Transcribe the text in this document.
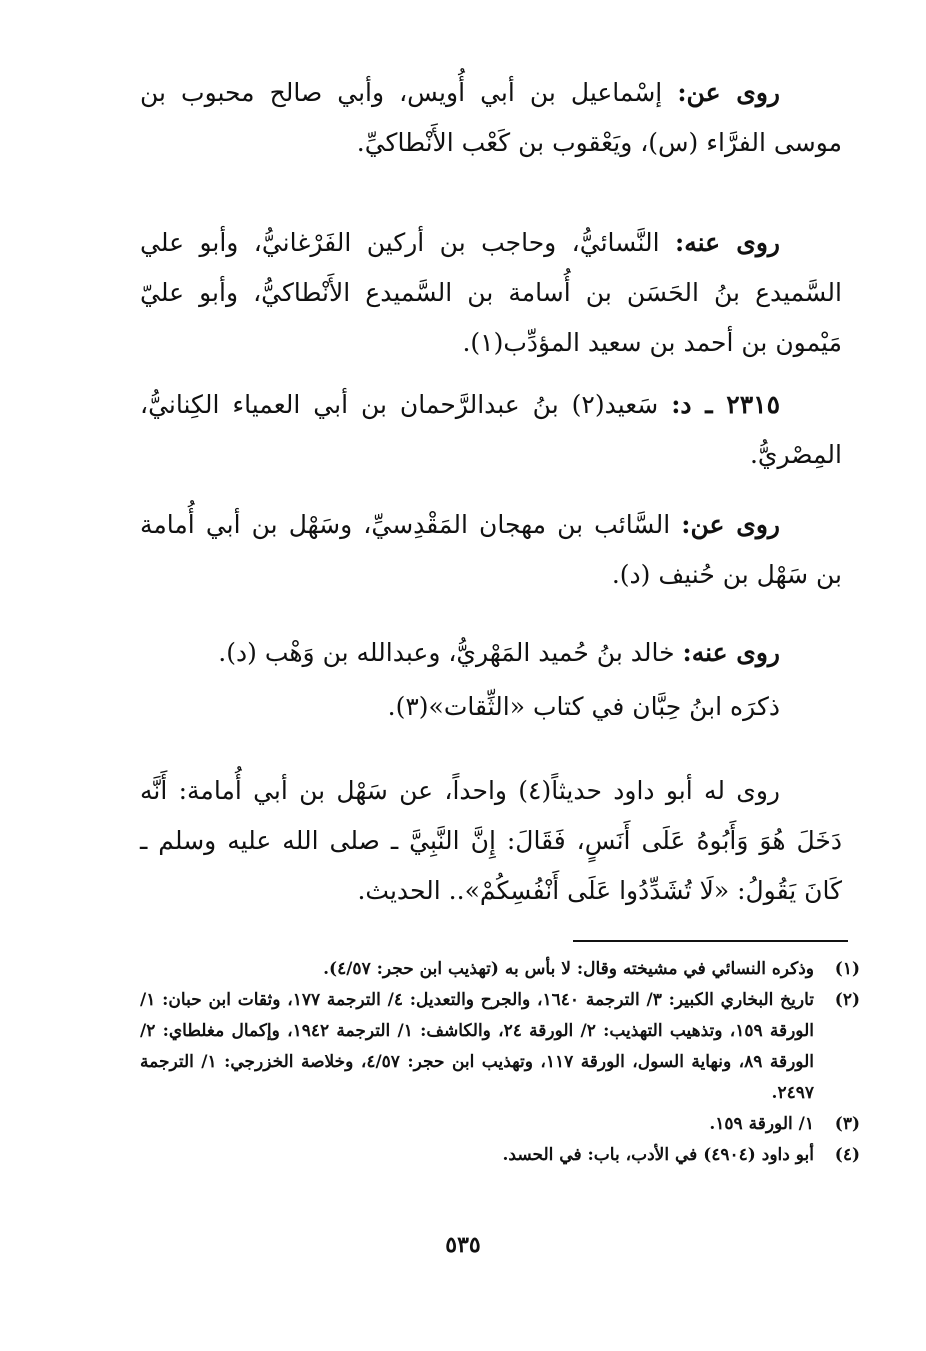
روى عن: إسْماعيل بن أبي أُويس، وأبي صالح محبوب بن موسى الفرَّاء (س)، ويَعْقوب بن كَعْب الأَنْطاكيِّ.

روى عنه: النَّسائيُّ، وحاجب بن أركين الفَرْغانيُّ، وأبو علي السَّميدع بنُ الحَسَن بن أُسامة بن السَّميدع الأَنْطاكيُّ، وأبو عليّ مَيْمون بن أحمد بن سعيد المؤدِّب(١).

٢٣١٥ ـ د: سَعيد(٢) بنُ عبدالرَّحمان بن أبي العمياء الكِنانيُّ، المِصْريُّ.

روى عن: السَّائب بن مهجان المَقْدِسيِّ، وسَهْل بن أبي أُمامة بن سَهْل بن حُنيف (د).

روى عنه: خالد بنُ حُميد المَهْريُّ، وعبدالله بن وَهْب (د).

ذكرَه ابنُ حِبَّان في كتاب «الثِّقات»(٣).

روى له أبو داود حديثاً(٤) واحداً، عن سَهْل بن أبي أُمامة: أَنَّه دَخَلَ هُوَ وَأَبُوهُ عَلَى أَنَسٍ، فَقَالَ: إِنَّ النَّبِيَّ ـ صلى الله عليه وسلم ـ كَانَ يَقُولُ: «لَا تُشَدِّدُوا عَلَى أَنْفُسِكُمْ».. الحديث.

(١)
وذكره النسائي في مشيخته وقال: لا بأس به (تهذيب ابن حجر: ٤/٥٧).
(٢)
تاريخ البخاري الكبير: ٣/ الترجمة ١٦٤٠، والجرح والتعديل: ٤/ الترجمة ١٧٧، وثقات ابن حبان: ١/ الورقة ١٥٩، وتذهيب التهذيب: ٢/ الورقة ٢٤، والكاشف: ١/ الترجمة ١٩٤٢، وإكمال مغلطاي: ٢/ الورقة ٨٩، ونهاية السول، الورقة ١١٧، وتهذيب ابن حجر: ٤/٥٧، وخلاصة الخزرجي: ١/ الترجمة ٢٤٩٧.
(٣)
١/ الورقة ١٥٩.
(٤)
أبو داود (٤٩٠٤) في الأدب، باب: في الحسد.
٥٣٥
